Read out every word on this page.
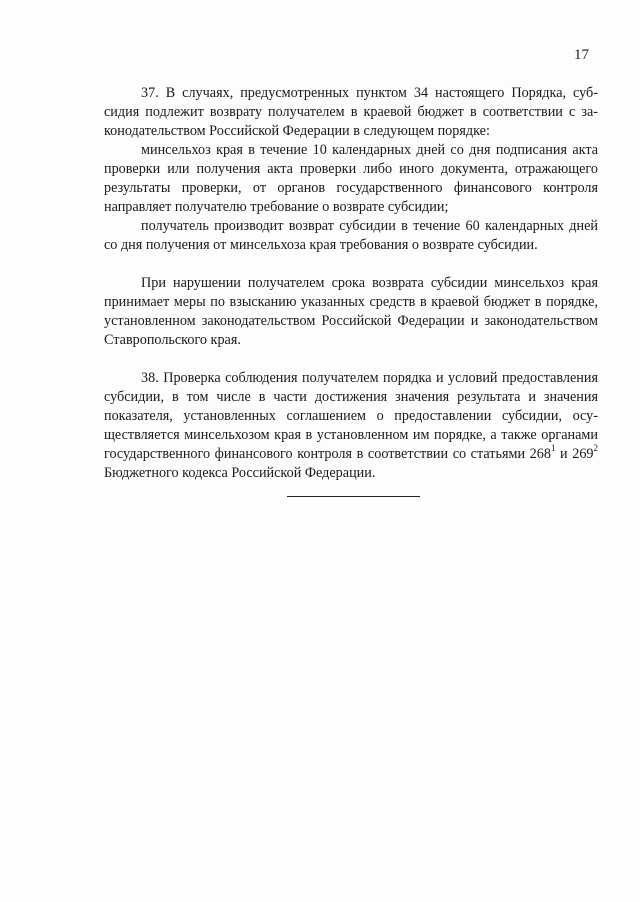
17

37. В случаях, предусмотренных пунктом 34 настоящего Порядка, субсидия подлежит возврату получателем в краевой бюджет в соответствии с законодательством Российской Федерации в следующем порядке:

минсельхоз края в течение 10 календарных дней со дня подписания акта проверки или получения акта проверки либо иного документа, отражающего результаты проверки, от органов государственного финансового контроля направляет получателю требование о возврате субсидии;

получатель производит возврат субсидии в течение 60 календарных дней со дня получения от минсельхоза края требования о возврате субсидии.

При нарушении получателем срока возврата субсидии минсельхоз края принимает меры по взысканию указанных средств в краевой бюджет в порядке, установленном законодательством Российской Федерации и законодательством Ставропольского края.

38. Проверка соблюдения получателем порядка и условий предоставления субсидии, в том числе в части достижения значения результата и значения показателя, установленных соглашением о предоставлении субсидии, осуществляется минсельхозом края в установленном им порядке, а также органами государственного финансового контроля в соответствии со статьями $268^1$ и $269^2$ Бюджетного кодекса Российской Федерации.
